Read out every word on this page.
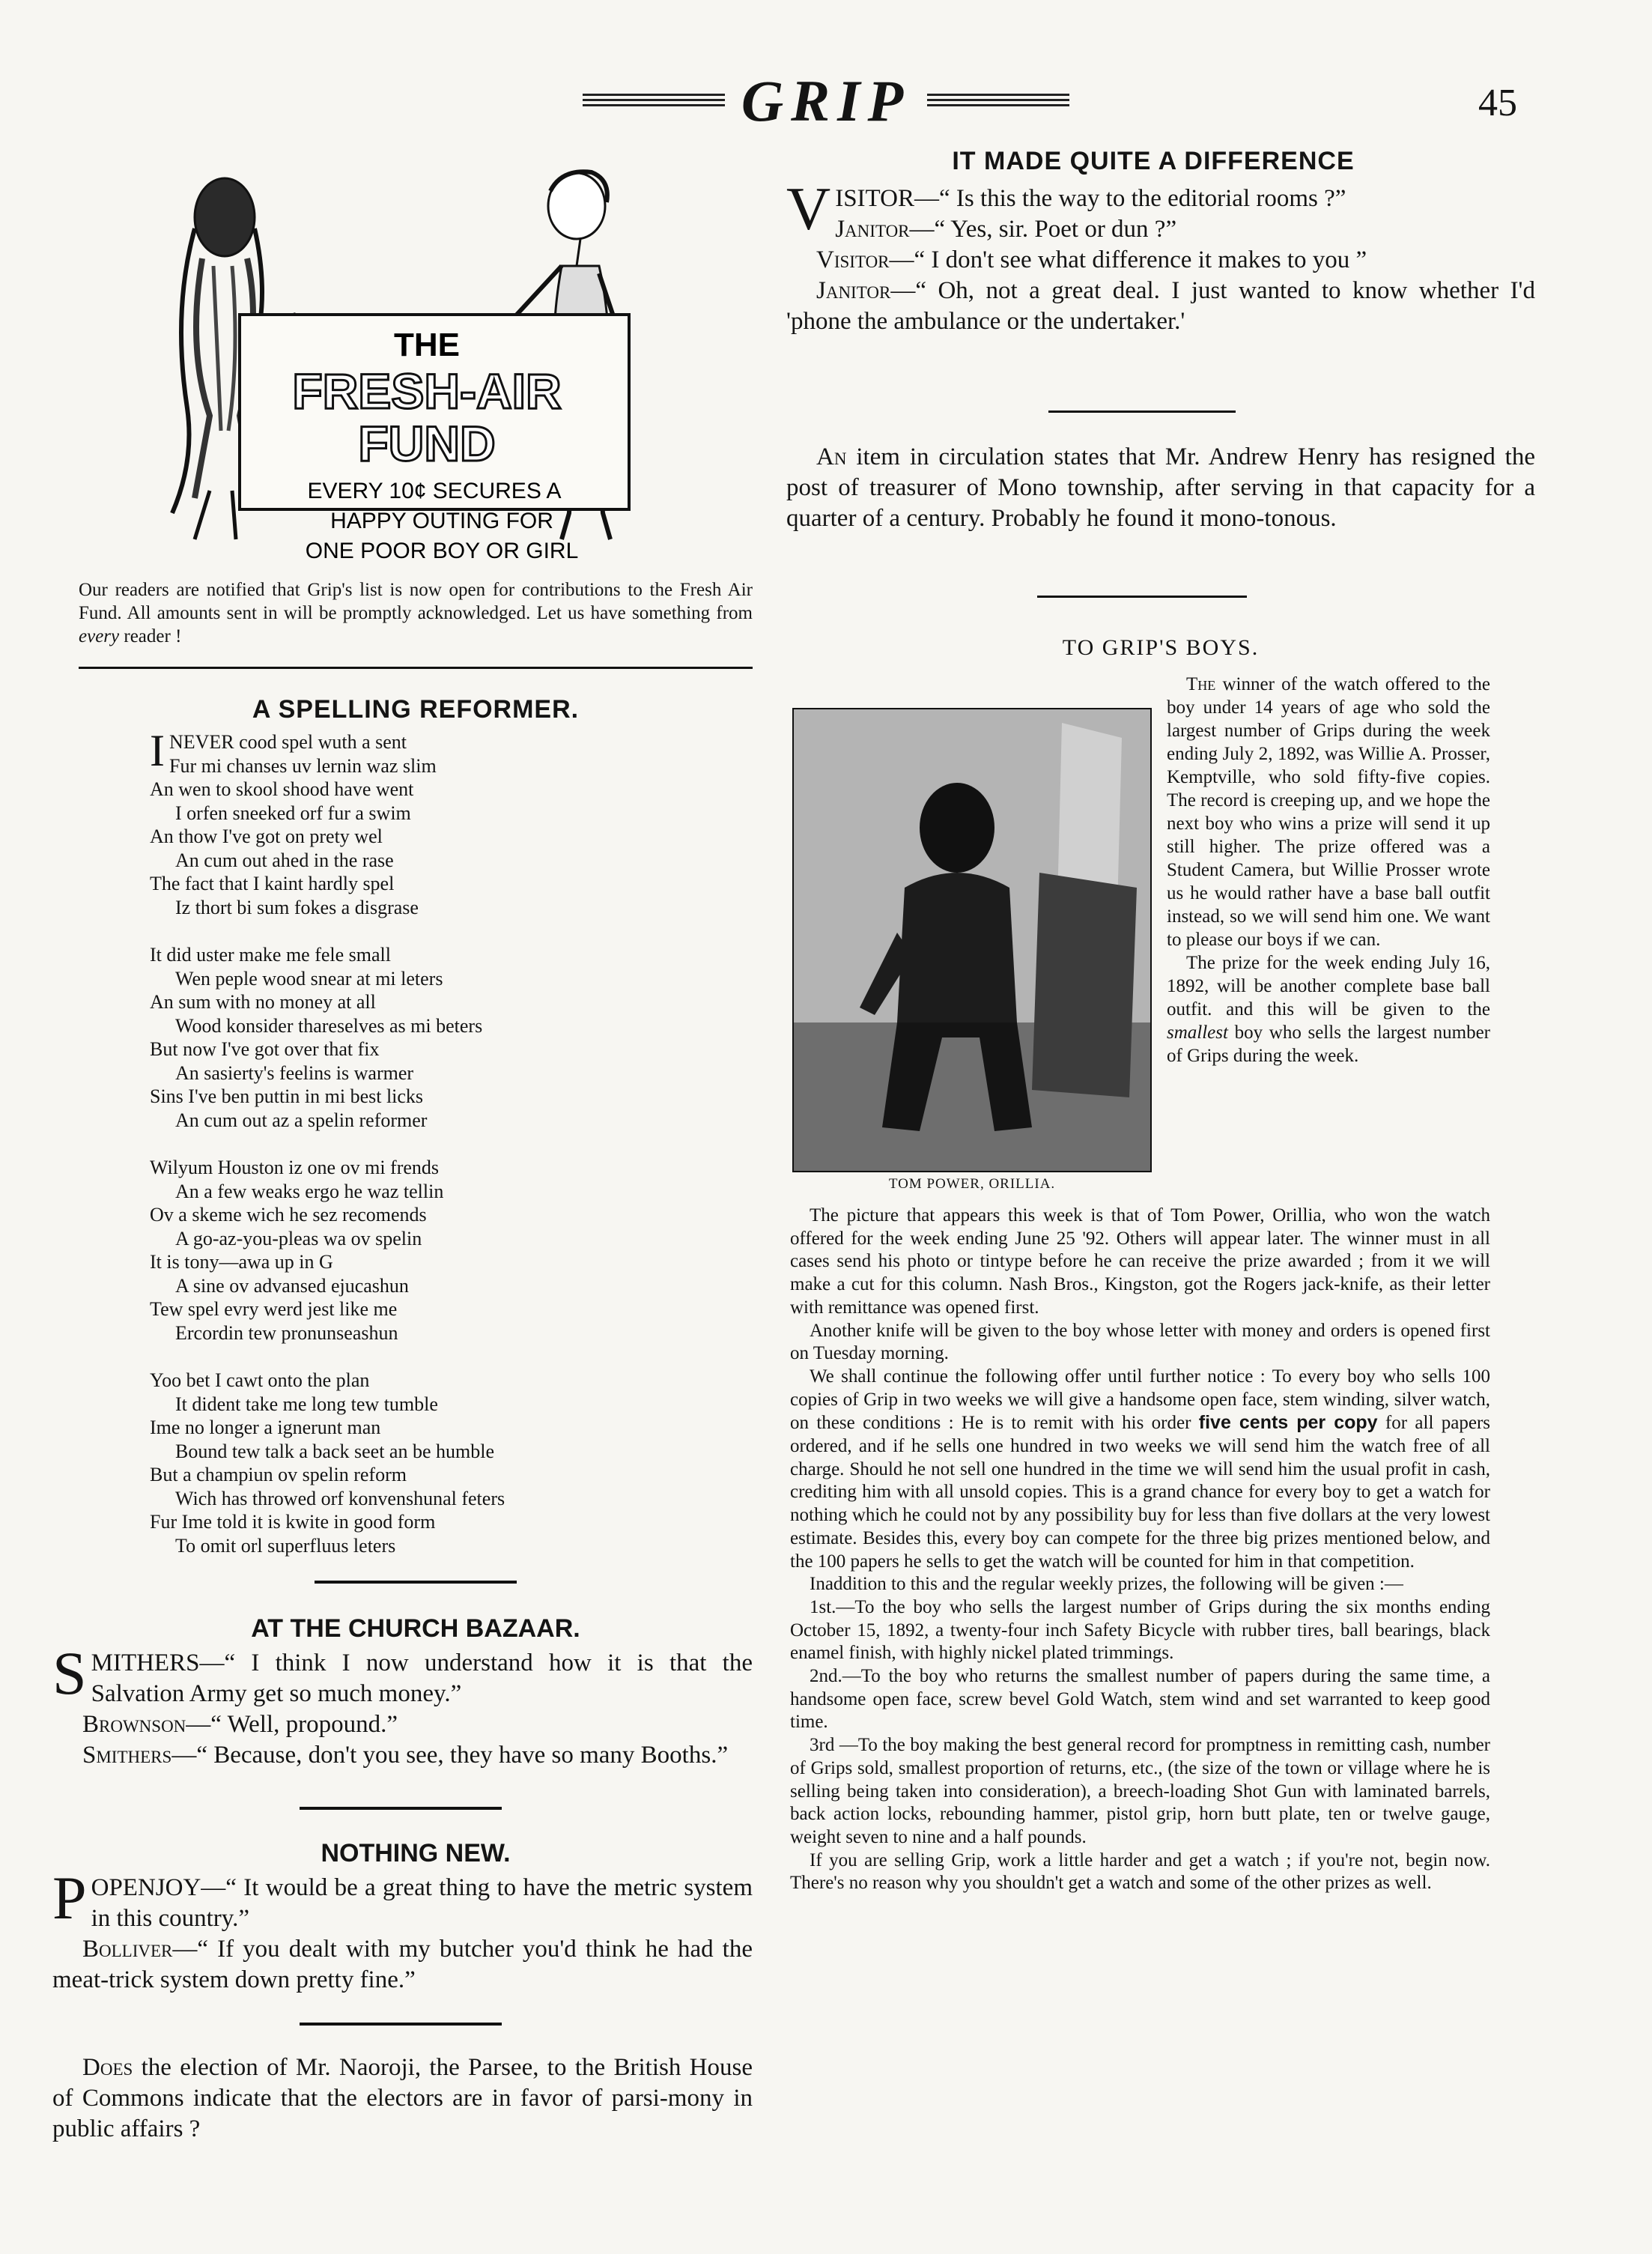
GRIP	45
THE
FRESH-AIR
FUND
EVERY 10¢ SECURES A
HAPPY OUTING FOR
ONE POOR BOY OR GIRL
Our readers are notified that Grip's list is now open for contributions to the Fresh Air Fund. All amounts sent in will be promptly acknowledged. Let us have something from every reader !
A SPELLING REFORMER.
I NEVER cood spel wuth a sent
Fur mi chanses uv lernin waz slim
An wen to skool shood have went
I orfen sneeked orf fur a swim
An thow I've got on prety wel
An cum out ahed in the rase
The fact that I kaint hardly spel
Iz thort bi sum fokes a disgrase
It did uster make me fele small
Wen peple wood snear at mi leters
An sum with no money at all
Wood konsider thareselves as mi beters
But now I've got over that fix
An sasierty's feelins is warmer
Sins I've ben puttin in mi best licks
An cum out az a spelin reformer
Wilyum Houston iz one ov mi frends
An a few weaks ergo he waz tellin
Ov a skeme wich he sez recomends
A go-az-you-pleas wa ov spelin
It is tony—awa up in G
A sine ov advansed ejucashun
Tew spel evry werd jest like me
Ercordin tew pronunseashun
Yoo bet I cawt onto the plan
It dident take me long tew tumble
Ime no longer a ignerunt man
Bound tew talk a back seet an be humble
But a champiun ov spelin reform
Wich has throwed orf konvenshunal feters
Fur Ime told it is kwite in good form
To omit orl superfluus leters
AT THE CHURCH BAZAAR.
SMITHERS—“ I think I now understand how it is that the Salvation Army get so much money.”
Brownson—“ Well, propound.”
Smithers—“ Because, don't you see, they have so many Booths.”
NOTHING NEW.
POPENJOY—“ It would be a great thing to have the metric system in this country.”
Bolliver—“ If you dealt with my butcher you'd think he had the meat-trick system down pretty fine.”
Does the election of Mr. Naoroji, the Parsee, to the British House of Commons indicate that the electors are in favor of parsi-mony in public affairs ?
IT MADE QUITE A DIFFERENCE
VISITOR—“ Is this the way to the editorial rooms ?”
Janitor—“ Yes, sir. Poet or dun ?”
Visitor—“ I don't see what difference it makes to you ”
Janitor—“ Oh, not a great deal. I just wanted to know whether I'd 'phone the ambulance or the undertaker.'
An item in circulation states that Mr. Andrew Henry has resigned the post of treasurer of Mono township, after serving in that capacity for a quarter of a century. Probably he found it mono-tonous.
TO GRIP'S BOYS.
TOM POWER, ORILLIA.

The winner of the watch offered to the boy under 14 years of age who sold the largest number of Grips during the week ending July 2, 1892, was Willie A. Prosser, Kemptville, who sold fifty-five copies. The record is creeping up, and we hope the next boy who wins a prize will send it up still higher. The prize offered was a Student Camera, but Willie Prosser wrote us he would rather have a base ball outfit instead, so we will send him one. We want to please our boys if we can.

The prize for the week ending July 16, 1892, will be another complete base ball outfit. and this will be given to the smallest boy who sells the largest number of Grips during the week.

The picture that appears this week is that of Tom Power, Orillia, who won the watch offered for the week ending June 25 '92. Others will appear later. The winner must in all cases send his photo or tintype before he can receive the prize awarded ; from it we will make a cut for this column. Nash Bros., Kingston, got the Rogers jack-knife, as their letter with remittance was opened first.

Another knife will be given to the boy whose letter with money and orders is opened first on Tuesday morning.

We shall continue the following offer until further notice : To every boy who sells 100 copies of Grip in two weeks we will give a handsome open face, stem winding, silver watch, on these conditions : He is to remit with his order five cents per copy for all papers ordered, and if he sells one hundred in two weeks we will send him the watch free of all charge. Should he not sell one hundred in the time we will send him the usual profit in cash, crediting him with all unsold copies. This is a grand chance for every boy to get a watch for nothing which he could not by any possibility buy for less than five dollars at the very lowest estimate. Besides this, every boy can compete for the three big prizes mentioned below, and the 100 papers he sells to get the watch will be counted for him in that competition.

Inaddition to this and the regular weekly prizes, the following will be given :—

1st.—To the boy who sells the largest number of Grips during the six months ending October 15, 1892, a twenty-four inch Safety Bicycle with rubber tires, ball bearings, black enamel finish, with highly nickel plated trimmings.

2nd.—To the boy who returns the smallest number of papers during the same time, a handsome open face, screw bevel Gold Watch, stem wind and set warranted to keep good time.

3rd —To the boy making the best general record for promptness in remitting cash, number of Grips sold, smallest proportion of returns, etc., (the size of the town or village where he is selling being taken into consideration), a breech-loading Shot Gun with laminated barrels, back action locks, rebounding hammer, pistol grip, horn butt plate, ten or twelve gauge, weight seven to nine and a half pounds.

If you are selling Grip, work a little harder and get a watch ; if you're not, begin now. There's no reason why you shouldn't get a watch and some of the other prizes as well.
